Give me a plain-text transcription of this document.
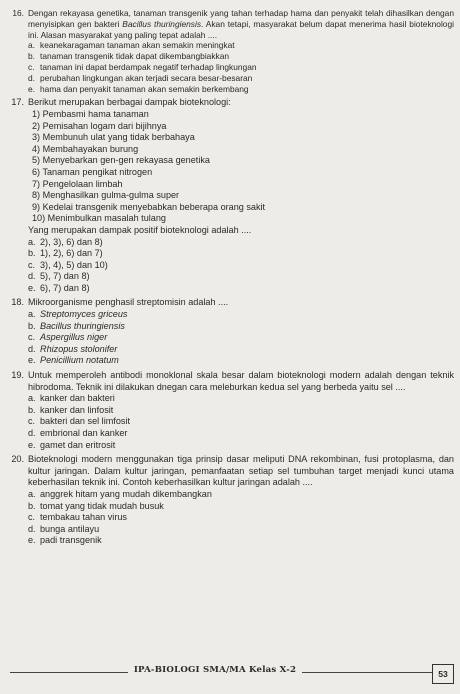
16. Dengan rekayasa genetika, tanaman transgenik yang tahan terhadap hama dan penyakit telah dihasilkan dengan menyisipkan gen bakteri Bacillus thuringiensis. Akan tetapi, masyarakat belum dapat menerima hasil bioteknologi ini. Alasan masyarakat yang paling tepat adalah ....
a. keanekaragaman tanaman akan semakin meningkat
b. tanaman transgenik tidak dapat dikembangbiakkan
c. tanaman ini dapat berdampak negatif terhadap lingkungan
d. perubahan lingkungan akan terjadi secara besar-besaran
e. hama dan penyakit tanaman akan semakin berkembang
17. Berikut merupakan berbagai dampak bioteknologi:
1) Pembasmi hama tanaman
2) Pemisahan logam dari bijihnya
3) Membunuh ulat yang tidak berbahaya
4) Membahayakan burung
5) Menyebarkan gen-gen rekayasa genetika
6) Tanaman pengikat nitrogen
7) Pengelolaan limbah
8) Menghasilkan gulma-gulma super
9) Kedelai transgenik menyebabkan beberapa orang sakit
10) Menimbulkan masalah tulang
Yang merupakan dampak positif bioteknologi adalah ....
a. 2), 3), 6) dan 8)
b. 1), 2), 6) dan 7)
c. 3), 4), 5) dan 10)
d. 5), 7) dan 8)
e. 6), 7) dan 8)
18. Mikroorganisme penghasil streptomisin adalah ....
a. Streptomyces griceus
b. Bacillus thuringiensis
c. Aspergillus niger
d. Rhizopus stolonifer
e. Penicillium notatum
19. Untuk memperoleh antibodi monoklonal skala besar dalam bioteknologi modern adalah dengan teknik hibrodoma. Teknik ini dilakukan dnegan cara meleburkan kedua sel yang berbeda yaitu sel ....
a. kanker dan bakteri
b. kanker dan linfosit
c. bakteri dan sel limfosit
d. embrional dan kanker
e. gamet dan eritrosit
20. Bioteknologi modern menggunakan tiga prinsip dasar meliputi DNA rekombinan, fusi protoplasma, dan kultur jaringan. Dalam kultur jaringan, pemanfaatan setiap sel tumbuhan target menjadi kunci utama keberhasilan teknik ini. Contoh keberhasilkan kultur jaringan adalah ....
a. anggrek hitam yang mudah dikembangkan
b. tomat yang tidak mudah busuk
c. tembakau tahan virus
d. bunga antilayu
e. padi transgenik
IPA-BIOLOGI SMA/MA Kelas X-2	53
